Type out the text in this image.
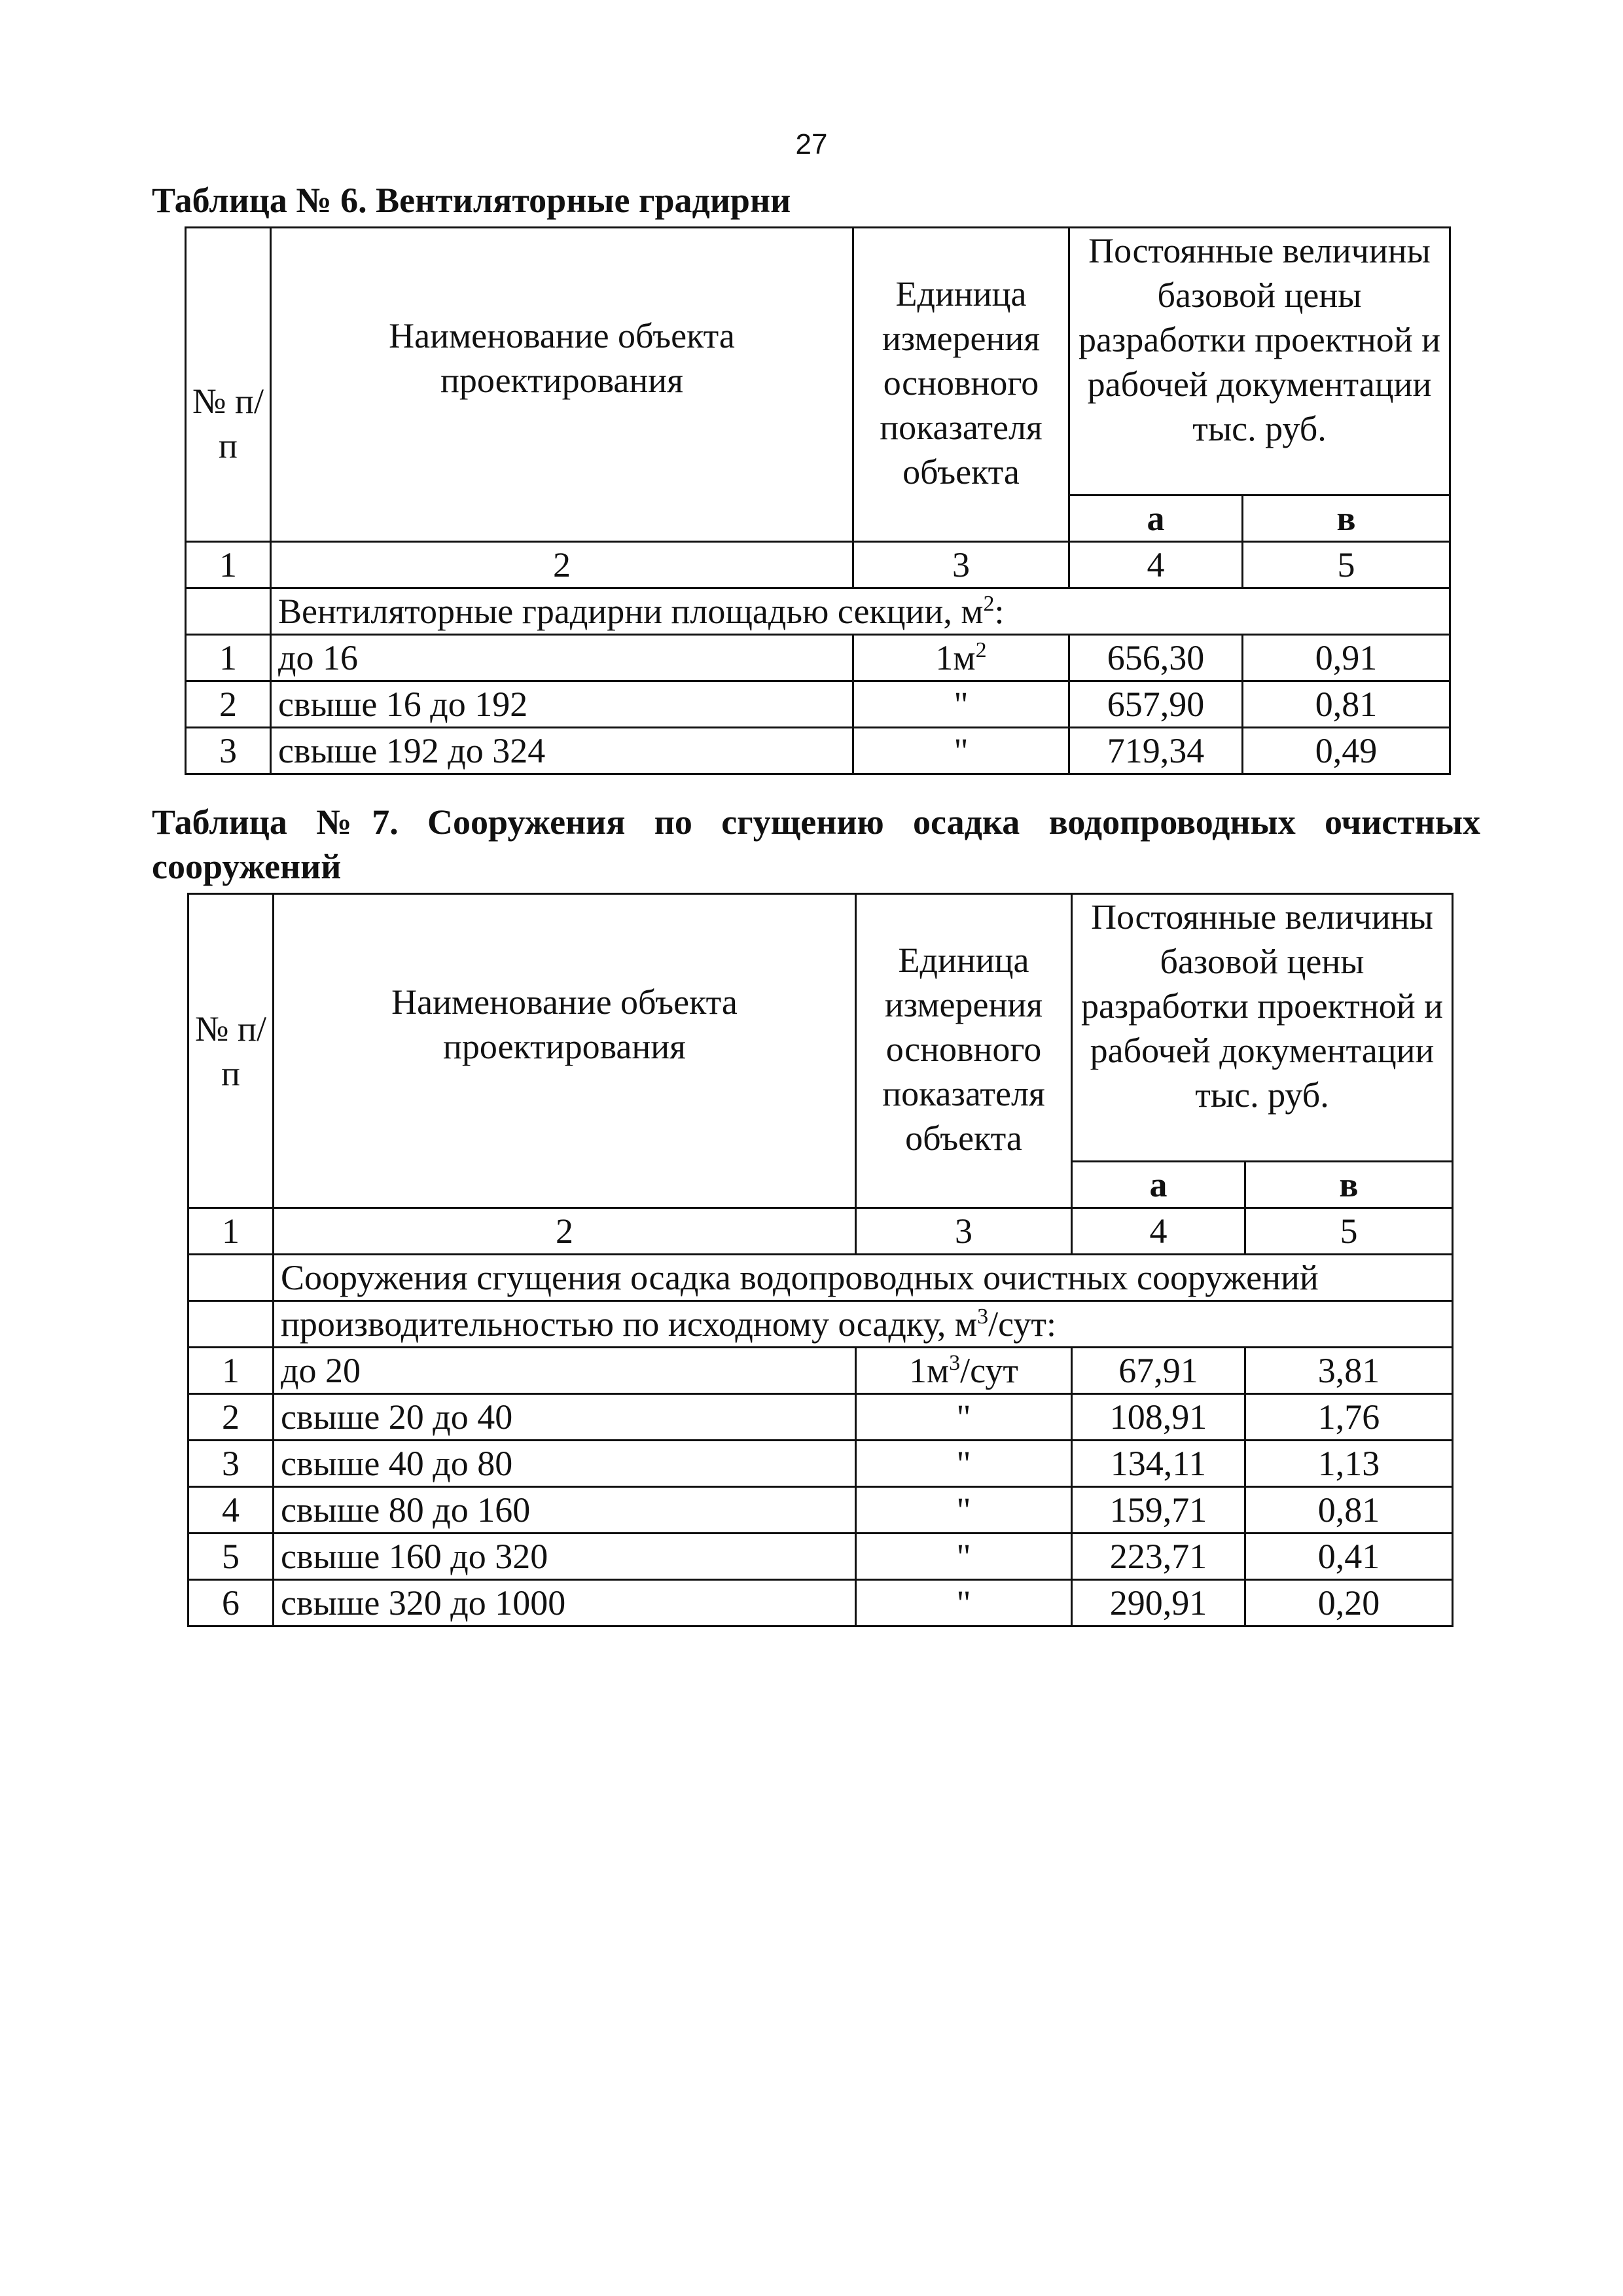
27
Таблица № 6. Вентиляторные градирни
№ п/п	Наименование объекта проектирования	Единица измерения основного показателя объекта	Постоянные величины базовой цены разработки проектной и рабочей документации тыс. руб.	
			а	в
1	2	3	4	5
	Вентиляторные градирни площадью секции, $м^2$:			
1	до 16	$1м^2$	656,30	0,91
2	свыше 16 до 192	"	657,90	0,81
3	свыше 192 до 324	"	719,34	0,49
Таблица №7. Сооружения по сгущению осадка водопроводных очистных сооружений
№ п/п	Наименование объекта проектирования	Единица измерения основного показателя объекта	Постоянные величины базовой цены разработки проектной и рабочей документации тыс. руб.	
			а	в
1	2	3	4	5
	Сооружения сгущения осадка водопроводных очистных сооружений			
	производительностью по исходному осадку, $м^3$/сут:			
1	до 20	$1м^3$/сут	67,91	3,81
2	свыше 20 до 40	"	108,91	1,76
3	свыше 40 до 80	"	134,11	1,13
4	свыше 80 до 160	"	159,71	0,81
5	свыше 160 до 320	"	223,71	0,41
6	свыше 320 до 1000	"	290,91	0,20
